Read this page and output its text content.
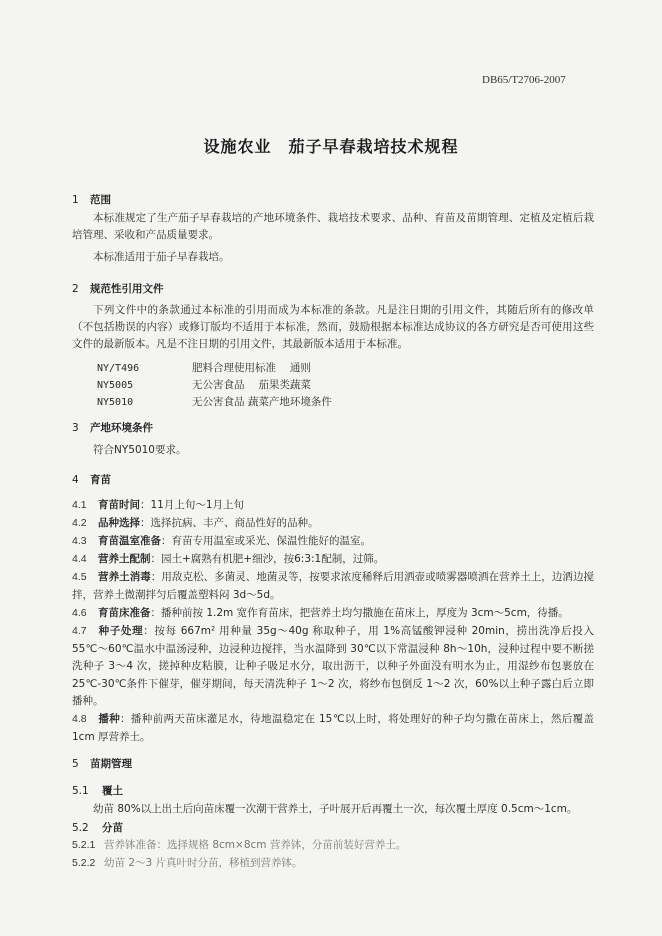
DB65/T2706-2007
设施农业　茄子早春栽培技术规程
1 范围
本标准规定了生产茄子早春栽培的产地环境条件、栽培技术要求、品种、育苗及苗期管理、定植及定植后栽培管理、采收和产品质量要求。
本标准适用于茄子早春栽培。
2 规范性引用文件
下列文件中的条款通过本标准的引用而成为本标准的条款。凡是注日期的引用文件，其随后所有的修改单（不包括勘误的内容）或修订版均不适用于本标准，然而，鼓励根据本标准达成协议的各方研究是否可使用这些文件的最新版本。凡是不注日期的引用文件，其最新版本适用于本标准。
NY/T496	肥料合理使用标准　 通则
NY5005	无公害食品　 茄果类蔬菜
NY5010	无公害食品 蔬菜产地环境条件
3 产地环境条件
符合NY5010要求。
4 育苗
4.1 育苗时间：11月上旬～1月上旬
4.2 品种选择：选择抗病、丰产、商品性好的品种。
4.3 育苗温室准备：育苗专用温室或采光、保温性能好的温室。
4.4 营养土配制：园土+腐熟有机肥+细沙，按6:3:1配制，过筛。
4.5 营养土消毒：用敌克松、多菌灵、地菌灵等，按要求浓度稀释后用洒壶或喷雾器喷洒在营养土上，边洒边搅拌，营养土微潮拌匀后覆盖塑料闷 3d～5d。
4.6 育苗床准备：播种前按 1.2m 宽作育苗床，把营养土均匀撒施在苗床上，厚度为 3cm～5cm，待播。
4.7 种子处理：按每 667m² 用种量 35g～40g 称取种子，用 1%高锰酸钾浸种 20min，捞出洗净后投入 55℃～60℃温水中温汤浸种，边浸种边搅拌，当水温降到 30℃以下常温浸种 8h～10h，浸种过程中要不断搓洗种子 3～4 次，搓掉种皮粘膜，让种子吸足水分，取出沥干，以种子外面没有明水为止，用湿纱布包裹放在 25℃-30℃条件下催芽，催芽期间，每天清洗种子 1～2 次，将纱布包倒反 1～2 次，60%以上种子露白后立即播种。
4.8 播种：播种前两天苗床灌足水，待地温稳定在 15℃以上时，将处理好的种子均匀撒在苗床上，然后覆盖 1cm 厚营养土。
5 苗期管理
5.1 覆土
幼苗 80%以上出土后向苗床覆一次潮干营养土，子叶展开后再覆土一次，每次覆土厚度 0.5cm～1cm。
5.2 分苗
5.2.1 营养钵准备：选择规格 8cm×8cm 营养钵，分苗前装好营养土。
5.2.2 幼苗 2～3 片真叶时分苗，移植到营养钵。
